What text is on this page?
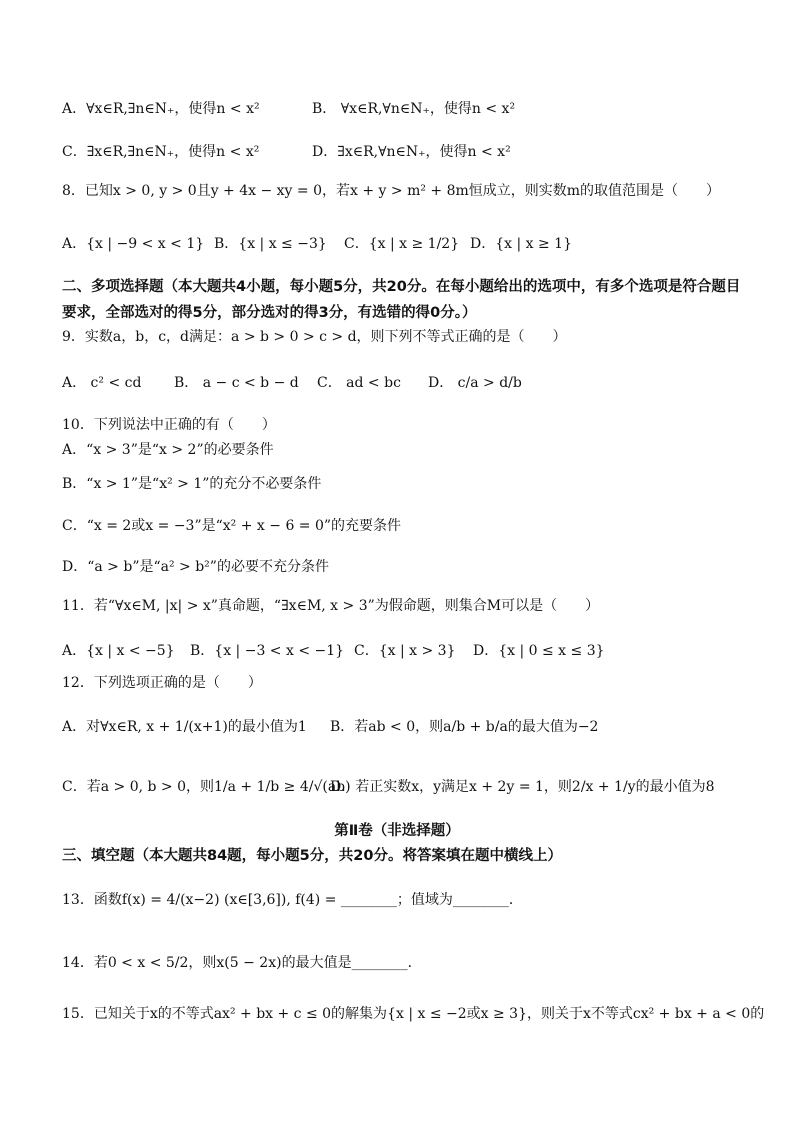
A．∀x∈R,∃n∈N₊，使得n < x²	B． ∀x∈R,∀n∈N₊，使得n < x²
C．∃x∈R,∃n∈N₊，使得n < x²	D．∃x∈R,∀n∈N₊，使得n < x²
8．已知x > 0, y > 0且y + 4x − xy = 0，若x + y > m² + 8m恒成立，则实数m的取值范围是（　　）
A．{x | −9 < x < 1} B．{x | x ≤ −3} C．{x | x ≥ 1/2} D．{x | x ≥ 1}
二、多项选择题（本大题共4小题，每小题5分，共20分。在每小题给出的选项中，有多个选项是符合题目要求，全部选对的得5分，部分选对的得3分，有选错的得0分。）
9．实数a，b，c，d满足：a > b > 0 > c > d，则下列不等式正确的是（　　）
A． c² < cd B． a − c < b − d C． ad < bc D． c/a > d/b
10．下列说法中正确的有（　　）
A．“x > 3”是“x > 2”的必要条件
B．“x > 1”是“x² > 1”的充分不必要条件
C．“x = 2或x = −3”是“x² + x − 6 = 0”的充要条件
D．“a > b”是“a² > b²”的必要不充分条件
11．若“∀x∈M, |x| > x”真命题，“∃x∈M, x > 3”为假命题，则集合M可以是（　　）
A．{x | x < −5} B．{x | −3 < x < −1} C．{x | x > 3} D．{x | 0 ≤ x ≤ 3}
12．下列选项正确的是（　　）
A．对∀x∈R, x + 1/(x+1)的最小值为1 B．若ab < 0，则a/b + b/a的最大值为−2
C．若a > 0, b > 0，则1/a + 1/b ≥ 4/√(ab)
D．若正实数x，y满足x + 2y = 1，则2/x + 1/y的最小值为8
第Ⅱ卷（非选择题）
三、填空题（本大题共84题，每小题5分，共20分。将答案填在题中横线上）
13．函数f(x) = 4/(x−2) (x∈[3,6]), f(4) = ________；值域为________．
14．若0 < x < 5/2，则x(5 − 2x)的最大值是________．
15．已知关于x的不等式ax² + bx + c ≤ 0的解集为{x | x ≤ −2或x ≥ 3}，则关于x不等式cx² + bx + a < 0的
